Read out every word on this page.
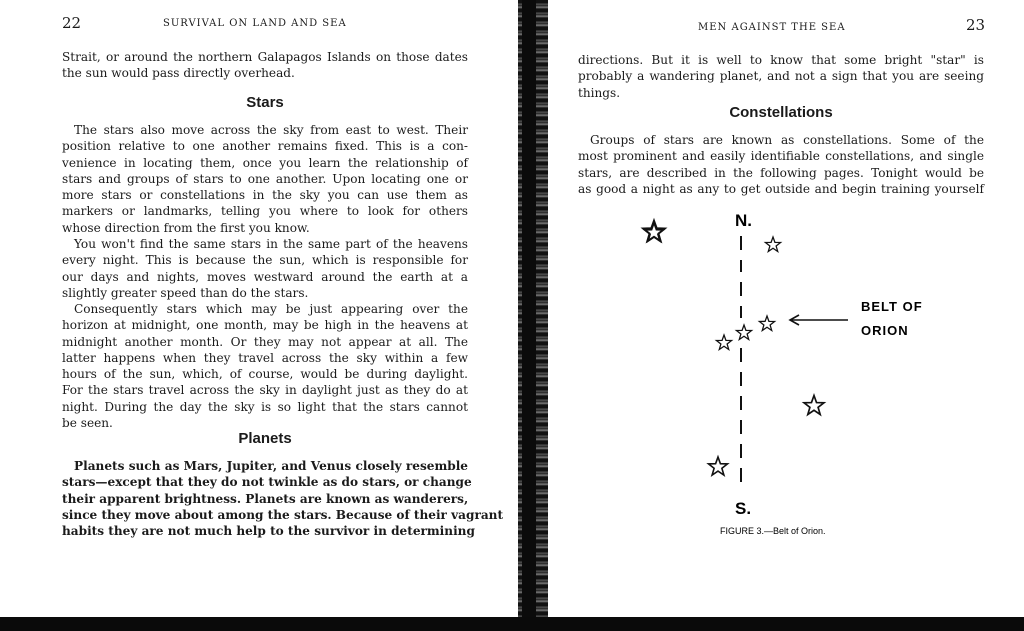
22	SURVIVAL ON LAND AND SEA
Strait, or around the northern Galapagos Islands on those dates
the sun would pass directly overhead.
Stars
The stars also move across the sky from east to west. Their
position relative to one another remains fixed. This is a con-
venience in locating them, once you learn the relationship of
stars and groups of stars to one another. Upon locating one or
more stars or constellations in the sky you can use them as
markers or landmarks, telling you where to look for others
whose direction from the first you know.
You won't find the same stars in the same part of the heavens
every night. This is because the sun, which is responsible for
our days and nights, moves westward around the earth at a
slightly greater speed than do the stars.
Consequently stars which may be just appearing over the
horizon at midnight, one month, may be high in the heavens at
midnight another month. Or they may not appear at all. The
latter happens when they travel across the sky within a few
hours of the sun, which, of course, would be during daylight.
For the stars travel across the sky in daylight just as they do at
night. During the day the sky is so light that the stars cannot
be seen.
Planets
Planets such as Mars, Jupiter, and Venus closely resemble
stars—except that they do not twinkle as do stars, or change
their apparent brightness. Planets are known as wanderers,
since they move about among the stars. Because of their vagrant
habits they are not much help to the survivor in determining
MEN AGAINST THE SEA	23
directions. But it is well to know that some bright "star" is
probably a wandering planet, and not a sign that you are seeing
things.
Constellations
Groups of stars are known as constellations. Some of the
most prominent and easily identifiable constellations, and single
stars, are described in the following pages. Tonight would be
as good a night as any to get outside and begin training yourself
N.
BELT OF
ORION
S.
FIGURE 3.—Belt of Orion.
